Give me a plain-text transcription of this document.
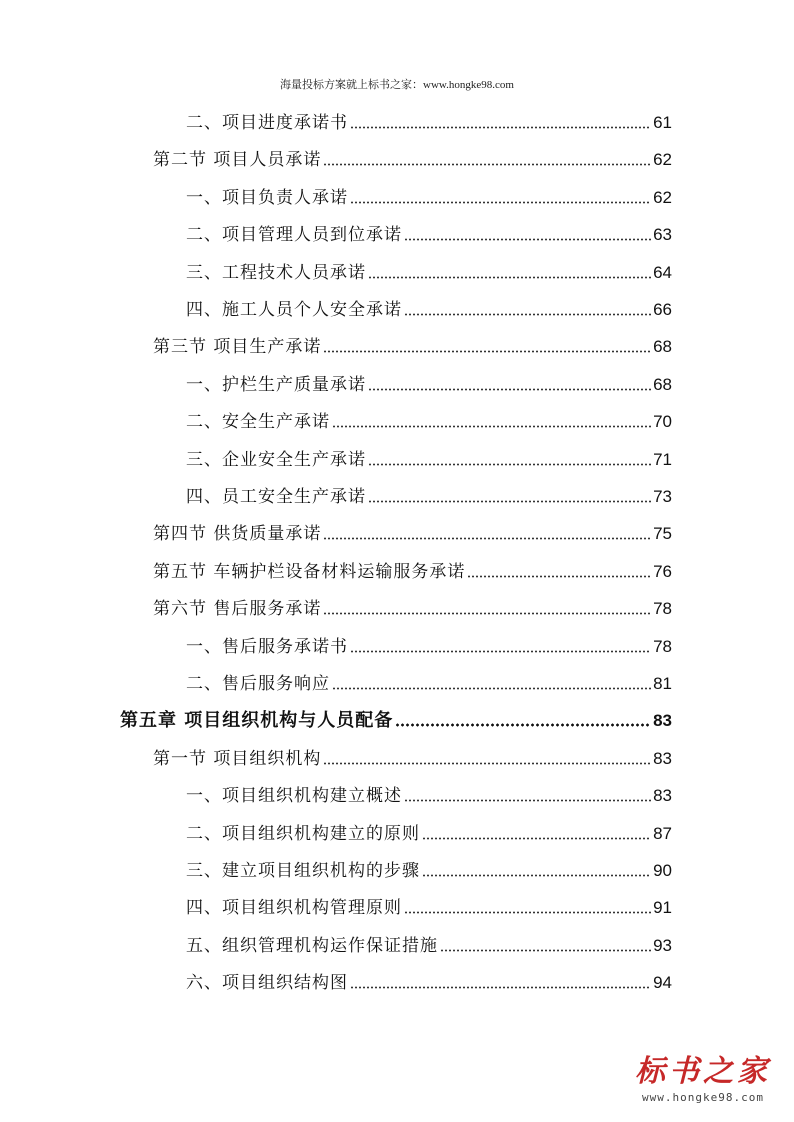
海量投标方案就上标书之家：www.hongke98.com
二、项目进度承诺书	61
第二节 项目人员承诺	62
一、项目负责人承诺	62
二、项目管理人员到位承诺	63
三、工程技术人员承诺	64
四、施工人员个人安全承诺	66
第三节 项目生产承诺	68
一、护栏生产质量承诺	68
二、安全生产承诺	70
三、企业安全生产承诺	71
四、员工安全生产承诺	73
第四节 供货质量承诺	75
第五节 车辆护栏设备材料运输服务承诺	76
第六节 售后服务承诺	78
一、售后服务承诺书	78
二、售后服务响应	81
第五章 项目组织机构与人员配备	83
第一节 项目组织机构	83
一、项目组织机构建立概述	83
二、项目组织机构建立的原则	87
三、建立项目组织机构的步骤	90
四、项目组织机构管理原则	91
五、组织管理机构运作保证措施	93
六、项目组织结构图	94
标书之家
www.hongke98.com
